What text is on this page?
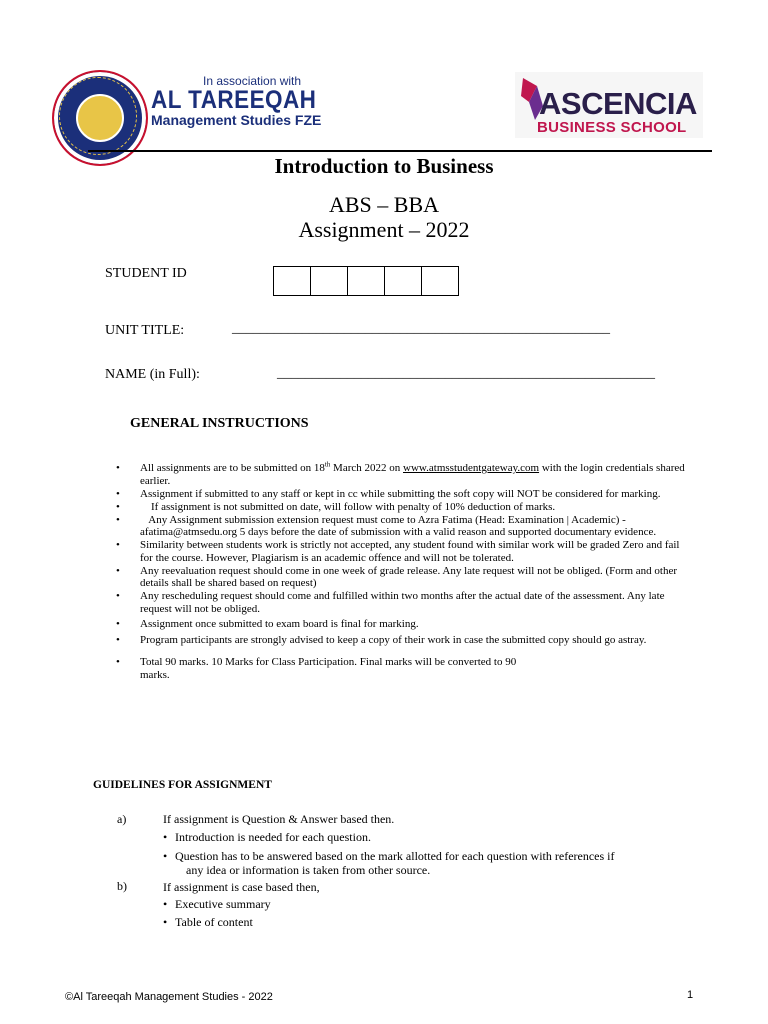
In association with
AL TAREEQAH
Management Studies FZE	ASCENCIA
BUSINESS SCHOOL
Introduction to Business
ABS – BBA
Assignment – 2022
STUDENT ID
UNIT TITLE:	______________________________________________________
NAME (in Full):	______________________________________________________
GENERAL INSTRUCTIONS
• All assignments are to be submitted on 18th March 2022 on www.atmsstudentgateway.com with the login credentials shared earlier.
• Assignment if submitted to any staff or kept in cc while submitting the soft copy will NOT be considered for marking.
•     If assignment is not submitted on date, will follow with penalty of 10% deduction of marks.
•    Any Assignment submission extension request must come to Azra Fatima (Head: Examination | Academic) - afatima@atmsedu.org 5 days before the date of submission with a valid reason and supported documentary evidence.
• Similarity between students work is strictly not accepted, any student found with similar work will be graded Zero and fail for the course. However, Plagiarism is an academic offence and will not be tolerated.
• Any reevaluation request should come in one week of grade release. Any late request will not be obliged. (Form and other details shall be shared based on request)
• Any rescheduling request should come and fulfilled within two months after the actual date of the assessment. Any late request will not be obliged.
• Assignment once submitted to exam board is final for marking.
• Program participants are strongly advised to keep a copy of their work in case the submitted copy should go astray.
• Total 90 marks. 10 Marks for Class Participation. Final marks will be converted to 90 marks.
GUIDELINES FOR ASSIGNMENT
a)	If assignment is Question & Answer based then.
• Introduction is needed for each question.
• Question has to be answered based on the mark allotted for each question with references if
any idea or information is taken from other source.
b)	If assignment is case based then,
• Executive summary
• Table of content
©Al Tareeqah Management Studies - 2022	1
